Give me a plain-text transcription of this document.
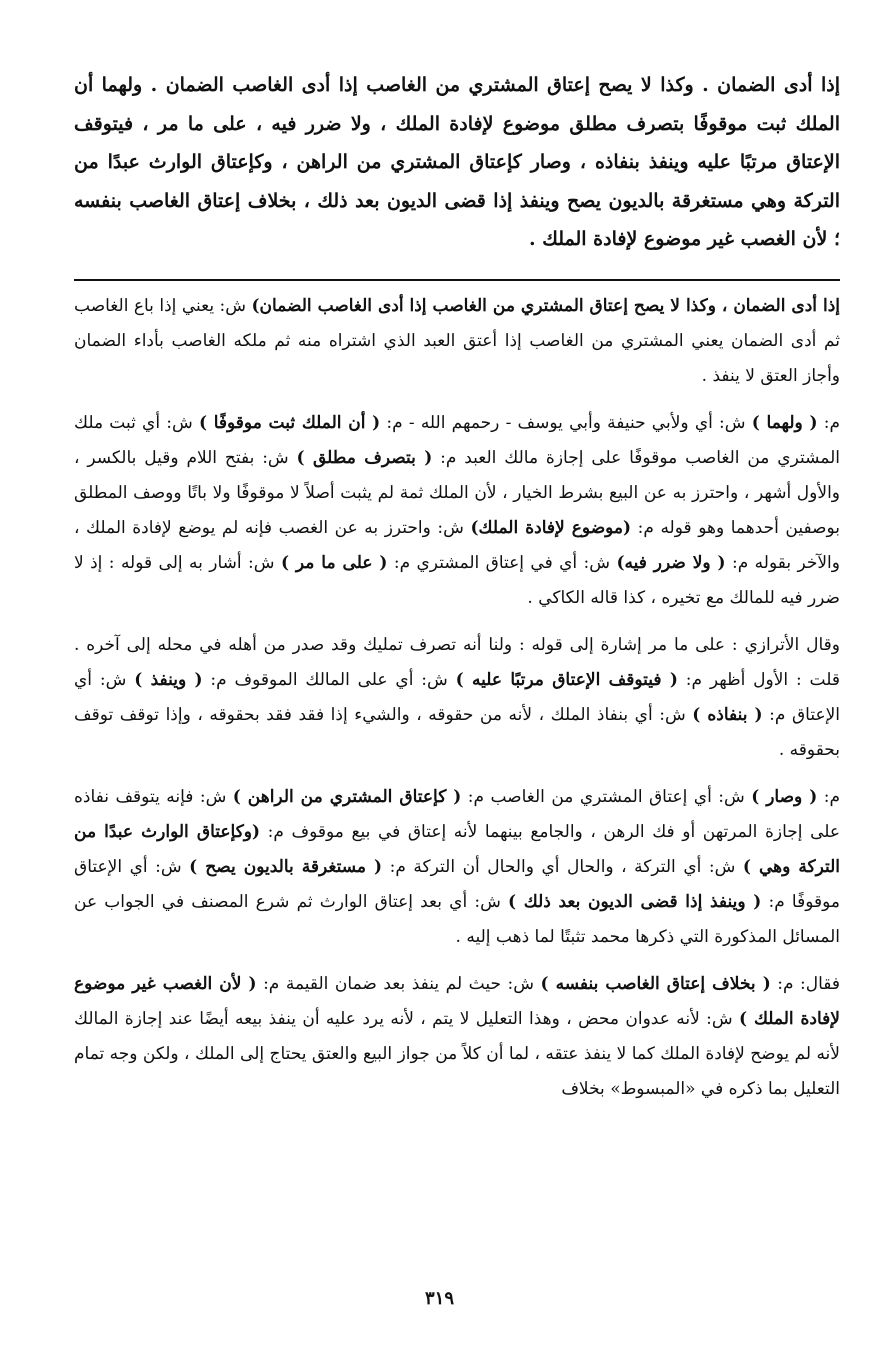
إذا أدى الضمان . وكذا لا يصح إعتاق المشتري من الغاصب إذا أدى الغاصب الضمان . ولهما أن الملك ثبت موقوفًا بتصرف مطلق موضوع لإفادة الملك ، ولا ضرر فيه ، على ما مر ، فيتوقف الإعتاق مرتبًا عليه وينفذ بنفاذه ، وصار كإعتاق المشتري من الراهن ، وكإعتاق الوارث عبدًا من التركة وهي مستغرقة بالديون يصح وينفذ إذا قضى الديون بعد ذلك ، بخلاف إعتاق الغاصب بنفسه ؛ لأن الغصب غير موضوع لإفادة الملك .

إذا أدى الضمان ، وكذا لا يصح إعتاق المشتري من الغاصب إذا أدى الغاصب الضمان) ش: يعني إذا باع الغاصب ثم أدى الضمان يعني المشتري من الغاصب إذا أعتق العبد الذي اشتراه منه ثم ملكه الغاصب بأداء الضمان وأجاز العتق لا ينفذ .

م: ( ولهما ) ش: أي ولأبي حنيفة وأبي يوسف - رحمهم الله - م: ( أن الملك ثبت موقوفًا ) ش: أي ثبت ملك المشتري من الغاصب موقوفًا على إجازة مالك العبد م: ( بتصرف مطلق ) ش: بفتح اللام وقيل بالكسر ، والأول أشهر ، واحترز به عن البيع بشرط الخيار ، لأن الملك ثمة لم يثبت أصلاً لا موقوفًا ولا باتًا ووصف المطلق بوصفين أحدهما وهو قوله م: (موضوع لإفادة الملك) ش: واحترز به عن الغصب فإنه لم يوضع لإفادة الملك ، والآخر بقوله م: ( ولا ضرر فيه) ش: أي في إعتاق المشتري م: ( على ما مر ) ش: أشار به إلى قوله : إذ لا ضرر فيه للمالك مع تخيره ، كذا قاله الكاكي .

وقال الأترازي : على ما مر إشارة إلى قوله : ولنا أنه تصرف تمليك وقد صدر من أهله في محله إلى آخره . قلت : الأول أظهر م: ( فيتوقف الإعتاق مرتبًا عليه ) ش: أي على المالك الموقوف م: ( وينفذ ) ش: أي الإعتاق م: ( بنفاذه ) ش: أي بنفاذ الملك ، لأنه من حقوقه ، والشيء إذا فقد فقد بحقوقه ، وإذا توقف توقف بحقوقه .

م: ( وصار ) ش: أي إعتاق المشتري من الغاصب م: ( كإعتاق المشتري من الراهن ) ش: فإنه يتوقف نفاذه على إجازة المرتهن أو فك الرهن ، والجامع بينهما لأنه إعتاق في بيع موقوف م: (وكإعتاق الوارث عبدًا من التركة وهي ) ش: أي التركة ، والحال أي والحال أن التركة م: ( مستغرقة بالديون يصح ) ش: أي الإعتاق موقوفًا م: ( وينفذ إذا قضى الديون بعد ذلك ) ش: أي بعد إعتاق الوارث ثم شرع المصنف في الجواب عن المسائل المذكورة التي ذكرها محمد تثبتًا لما ذهب إليه .

فقال: م: ( بخلاف إعتاق الغاصب بنفسه ) ش: حيث لم ينفذ بعد ضمان القيمة م: ( لأن الغصب غير موضوع لإفادة الملك ) ش: لأنه عدوان محض ، وهذا التعليل لا يتم ، لأنه يرد عليه أن ينفذ بيعه أيضًا عند إجازة المالك لأنه لم يوضح لإفادة الملك كما لا ينفذ عتقه ، لما أن كلاً من جواز البيع والعتق يحتاج إلى الملك ، ولكن وجه تمام التعليل بما ذكره في «المبسوط» بخلاف

٣١٩
